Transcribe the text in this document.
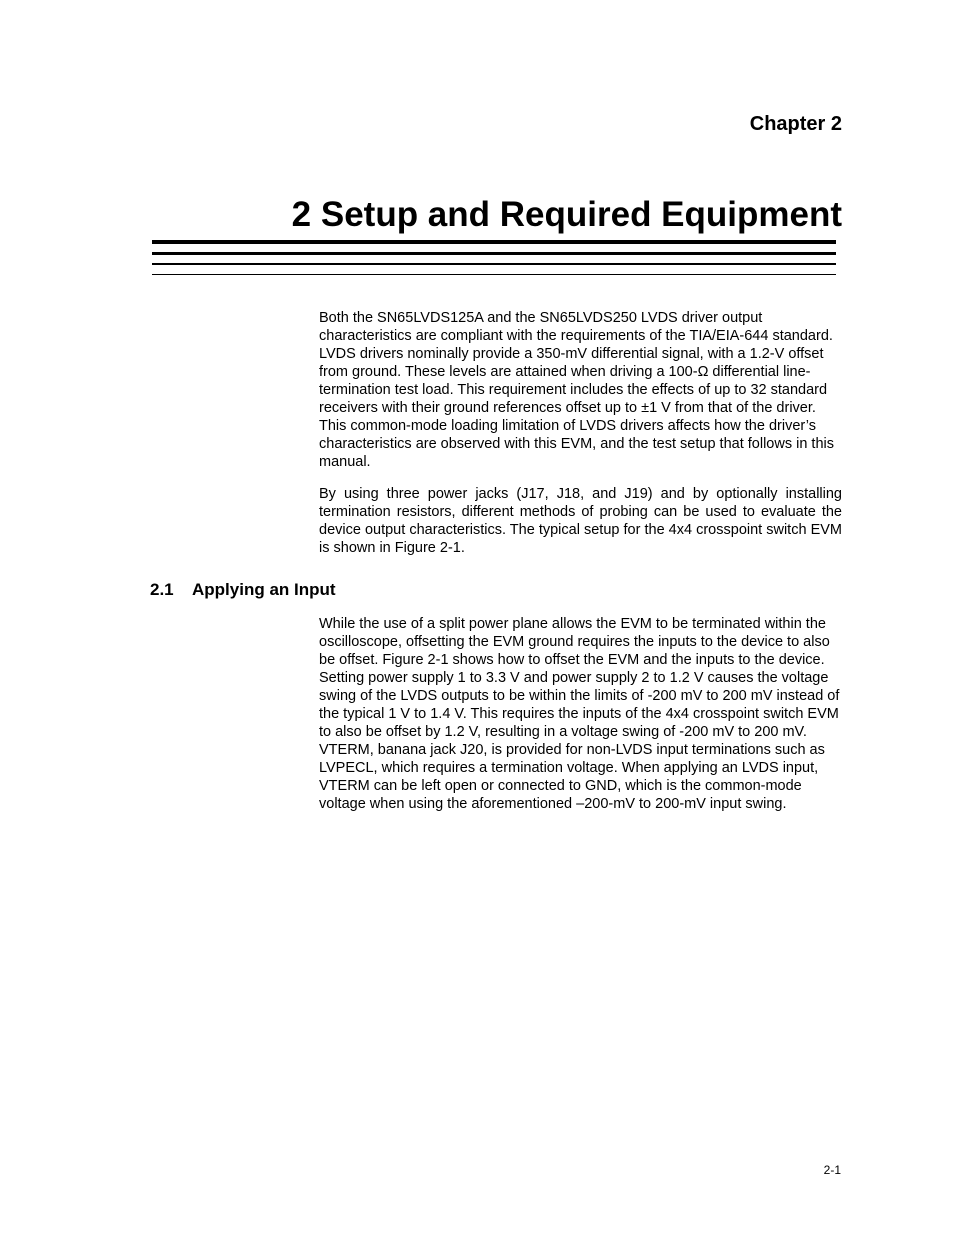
Chapter 2
2 Setup and Required Equipment

Both the SN65LVDS125A and the SN65LVDS250 LVDS driver output characteristics are compliant with the requirements of the TIA/EIA-644 standard. LVDS drivers nominally provide a 350-mV differential signal, with a 1.2-V offset from ground. These levels are attained when driving a 100-Ω differential line-termination test load. This requirement includes the effects of up to 32 standard receivers with their ground references offset up to ±1 V from that of the driver. This common-mode loading limitation of LVDS drivers affects how the driver’s characteristics are observed with this EVM, and the test setup that follows in this manual.

By using three power jacks (J17, J18, and J19) and by optionally installing termination resistors, different methods of probing can be used to evaluate the device output characteristics. The typical setup for the 4x4 crosspoint switch EVM is shown in Figure 2-1.

2.1 Applying an Input

While the use of a split power plane allows the EVM to be terminated within the oscilloscope, offsetting the EVM ground requires the inputs to the device to also be offset. Figure 2-1 shows how to offset the EVM and the inputs to the device. Setting power supply 1 to 3.3 V and power supply 2 to 1.2 V causes the voltage swing of the LVDS outputs to be within the limits of -200 mV to 200 mV instead of the typical 1 V to 1.4 V. This requires the inputs of the 4x4 crosspoint switch EVM to also be offset by 1.2 V, resulting in a voltage swing of -200 mV to 200 mV. VTERM, banana jack J20, is provided for non-LVDS input terminations such as LVPECL, which requires a termination voltage. When applying an LVDS input, VTERM can be left open or connected to GND, which is the common-mode voltage when using the aforementioned –200-mV to 200-mV input swing.

2-1
